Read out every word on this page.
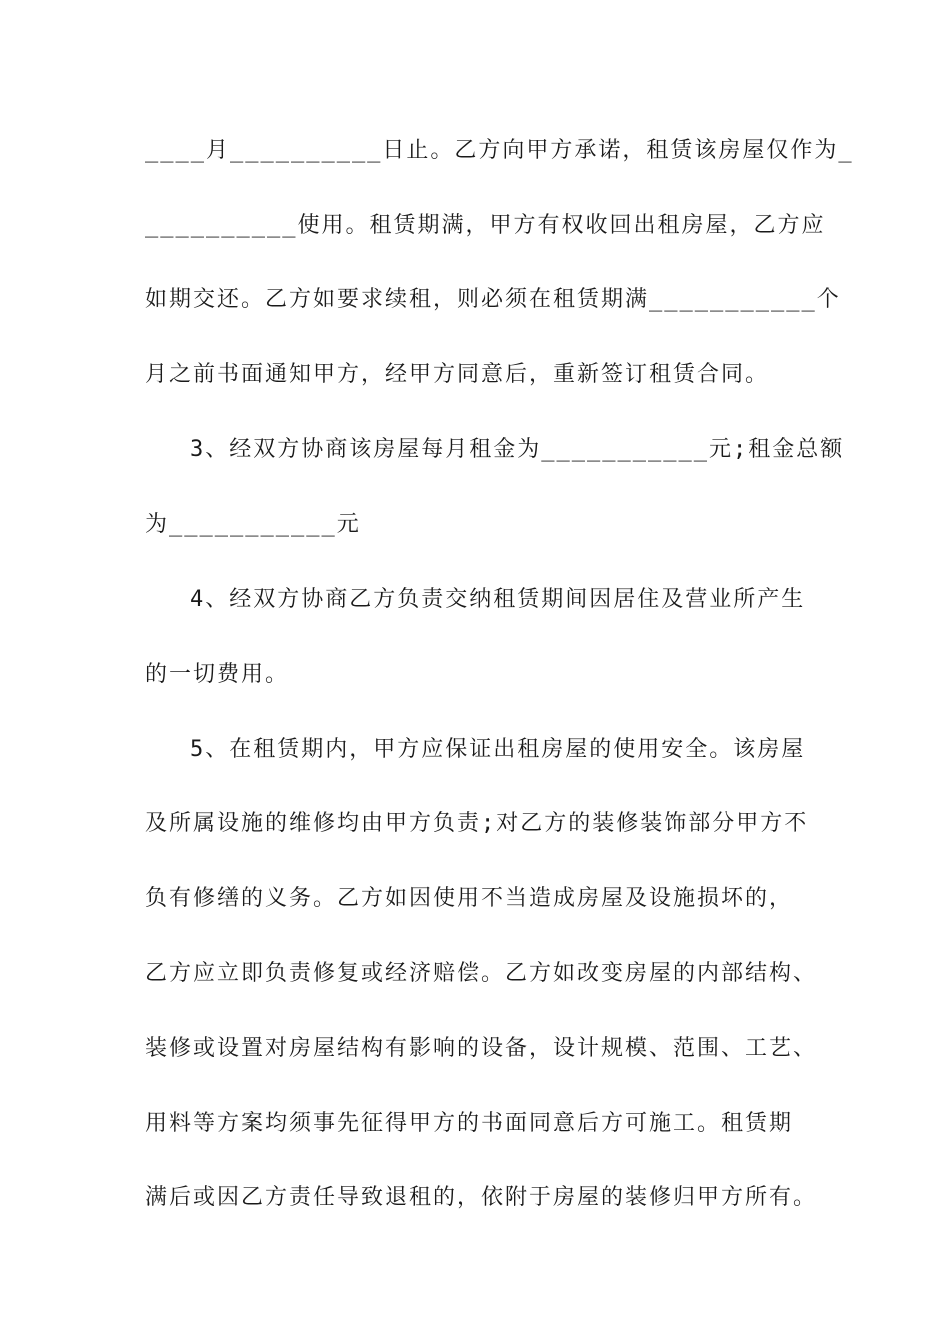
____月__________日止。乙方向甲方承诺，租赁该房屋仅作为_
__________使用。租赁期满，甲方有权收回出租房屋，乙方应
如期交还。乙方如要求续租，则必须在租赁期满___________个
月之前书面通知甲方，经甲方同意后，重新签订租赁合同。
3、经双方协商该房屋每月租金为___________元;租金总额
为___________元
4、经双方协商乙方负责交纳租赁期间因居住及营业所产生
的一切费用。
5、在租赁期内，甲方应保证出租房屋的使用安全。该房屋
及所属设施的维修均由甲方负责;对乙方的装修装饰部分甲方不
负有修缮的义务。乙方如因使用不当造成房屋及设施损坏的，
乙方应立即负责修复或经济赔偿。乙方如改变房屋的内部结构、
装修或设置对房屋结构有影响的设备，设计规模、范围、工艺、
用料等方案均须事先征得甲方的书面同意后方可施工。租赁期
满后或因乙方责任导致退租的，依附于房屋的装修归甲方所有。
